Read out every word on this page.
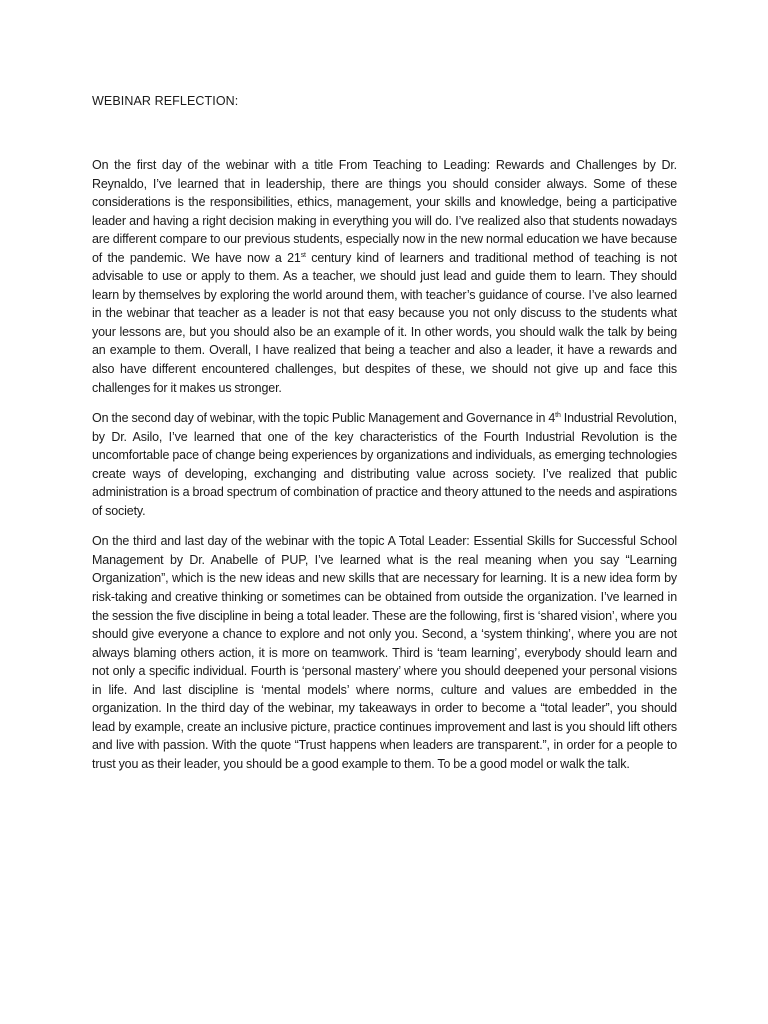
WEBINAR REFLECTION:

On the first day of the webinar with a title From Teaching to Leading: Rewards and Challenges by Dr. Reynaldo, I’ve learned that in leadership, there are things you should consider always. Some of these considerations is the responsibilities, ethics, management, your skills and knowledge, being a participative leader and having a right decision making in everything you will do. I’ve realized also that students nowadays are different compare to our previous students, especially now in the new normal education we have because of the pandemic. We have now a 21st century kind of learners and traditional method of teaching is not advisable to use or apply to them. As a teacher, we should just lead and guide them to learn. They should learn by themselves by exploring the world around them, with teacher’s guidance of course. I’ve also learned in the webinar that teacher as a leader is not that easy because you not only discuss to the students what your lessons are, but you should also be an example of it. In other words, you should walk the talk by being an example to them. Overall, I have realized that being a teacher and also a leader, it have a rewards and also have different encountered challenges, but despites of these, we should not give up and face this challenges for it makes us stronger.

On the second day of webinar, with the topic Public Management and Governance in 4th Industrial Revolution, by Dr. Asilo, I’ve learned that one of the key characteristics of the Fourth Industrial Revolution is the uncomfortable pace of change being experiences by organizations and individuals, as emerging technologies create ways of developing, exchanging and distributing value across society. I’ve realized that public administration is a broad spectrum of combination of practice and theory attuned to the needs and aspirations of society.

On the third and last day of the webinar with the topic A Total Leader: Essential Skills for Successful School Management by Dr. Anabelle of PUP, I’ve learned what is the real meaning when you say “Learning Organization”, which is the new ideas and new skills that are necessary for learning. It is a new idea form by risk-taking and creative thinking or sometimes can be obtained from outside the organization. I’ve learned in the session the five discipline in being a total leader. These are the following, first is ‘shared vision’, where you should give everyone a chance to explore and not only you. Second, a ‘system thinking’, where you are not always blaming others action, it is more on teamwork. Third is ‘team learning’, everybody should learn and not only a specific individual. Fourth is ‘personal mastery’ where you should deepened your personal visions in life. And last discipline is ‘mental models’ where norms, culture and values are embedded in the organization. In the third day of the webinar, my takeaways in order to become a “total leader”, you should lead by example, create an inclusive picture, practice continues improvement and last is you should lift others and live with passion. With the quote “Trust happens when leaders are transparent.”, in order for a people to trust you as their leader, you should be a good example to them. To be a good model or walk the talk.
